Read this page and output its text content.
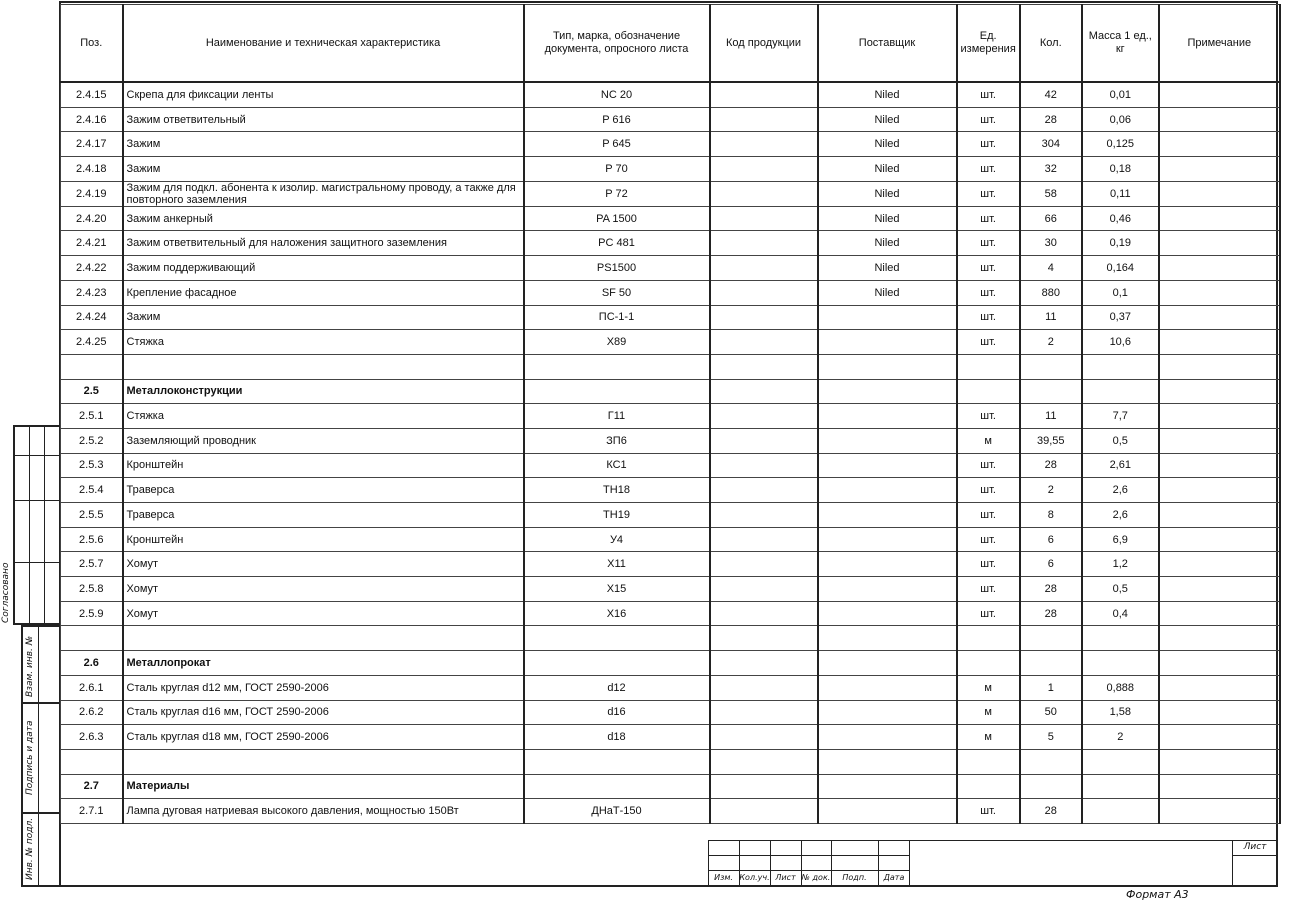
Поз.	Наименование и техническая характеристика	Тип, марка, обозначение документа, опросного листа	Код продукции	Поставщик	Ед. измерения	Кол.	Масса 1 ед., кг	Примечание
2.4.15	Скрепа для фиксации ленты	NC 20		Niled	шт.	42	0,01	
2.4.16	Зажим ответвительный	P 616		Niled	шт.	28	0,06	
2.4.17	Зажим	P 645		Niled	шт.	304	0,125	
2.4.18	Зажим	P 70		Niled	шт.	32	0,18	
2.4.19	Зажим для подкл. абонента к изолир. магистральному проводу, а также для повторного заземления	P 72		Niled	шт.	58	0,11	
2.4.20	Зажим анкерный	PA 1500		Niled	шт.	66	0,46	
2.4.21	Зажим ответвительный для наложения защитного заземления	PC 481		Niled	шт.	30	0,19	
2.4.22	Зажим поддерживающий	PS1500		Niled	шт.	4	0,164	
2.4.23	Крепление фасадное	SF 50		Niled	шт.	880	0,1	
2.4.24	Зажим	ПС-1-1			шт.	11	0,37	
2.4.25	Стяжка	X89			шт.	2	10,6	

2.5	Металлоконструкции							
2.5.1	Стяжка	Г11			шт.	11	7,7	
2.5.2	Заземляющий проводник	ЗП6			м	39,55	0,5	
2.5.3	Кронштейн	КС1			шт.	28	2,61	
2.5.4	Траверса	ТН18			шт.	2	2,6	
2.5.5	Траверса	ТН19			шт.	8	2,6	
2.5.6	Кронштейн	У4			шт.	6	6,9	
2.5.7	Хомут	Х11			шт.	6	1,2	
2.5.8	Хомут	Х15			шт.	28	0,5	
2.5.9	Хомут	Х16			шт.	28	0,4	

2.6	Металлопрокат							
2.6.1	Сталь круглая d12 мм, ГОСТ 2590-2006	d12			м	1	0,888	
2.6.2	Сталь круглая d16 мм, ГОСТ 2590-2006	d16			м	50	1,58	
2.6.3	Сталь круглая d18 мм, ГОСТ 2590-2006	d18			м	5	2	

2.7	Материалы							
2.7.1	Лампа дуговая натриевая высокого давления, мощностью 150Вт	ДНаТ-150			шт.	28		
Изм. Кол.уч. Лист № док.	Подп.	Дата
Лист
Согласовано
Взам. инв. №
Подпись и дата
Инв. № подл.
Формат А3
